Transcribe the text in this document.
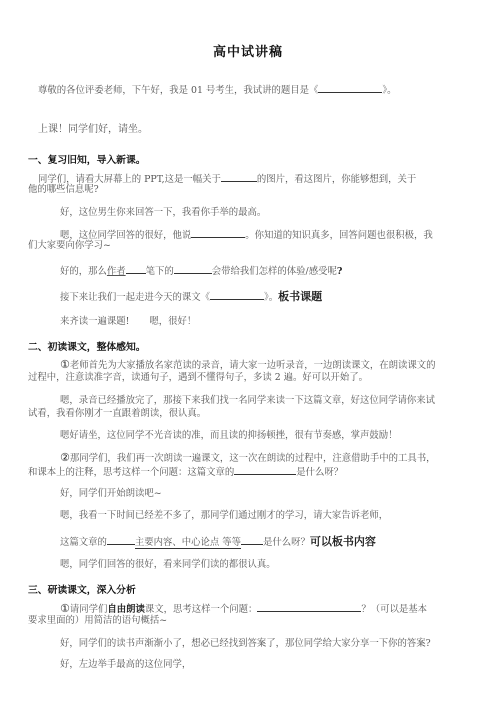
高中试讲稿
尊敬的各位评委老师，下午好，我是 01 号考生，我试讲的题目是《	》。
上课！同学们好，请坐。
一、复习旧知，导入新课。
同学们，请看大屏幕上的 PPT,这是一幅关于	的图片，看这图片，你能够想到，关于
他的哪些信息呢?
好，这位男生你来回答一下，我看你手举的最高。
嗯，这位同学回答的很好，他说	。你知道的知识真多，回答问题也很积极，我
们大家要向你学习~
好的，那么作者 笔下的	会带给我们怎样的体验/感受呢?
接下来让我们一起走进今天的课文《	》。板书课题
来齐读一遍课题! 嗯，很好！
二、初读课文，整体感知。
①老师首先为大家播放名家范读的录音，请大家一边听录音，一边朗读课文，在朗读课文的
过程中，注意读准字音，读通句子，遇到不懂得句子，多读 2 遍。好可以开始了。
嗯，录音已经播放完了，那接下来我们找一名同学来读一下这篇文章，好这位同学请你来试
试看，我看你刚才一直跟着朗读，很认真。
嗯好请坐，这位同学不光音读的准，而且读的抑扬顿挫，很有节奏感，掌声鼓励！
②那同学们，我们再一次朗读一遍课文，这一次在朗读的过程中，注意借助手中的工具书，
和课本上的注释，思考这样一个问题：这篇文章的	是什么呀？
好，同学们开始朗读吧~
嗯，我看一下时间已经差不多了，那同学们通过刚才的学习，请大家告诉老师，
这篇文章的	主要内容、中心论点 等等 是什么呀？可以板书内容
嗯，同学们回答的很好，看来同学们读的都很认真。
三、研读课文，深入分析
①请同学们自由朗读课文，思考这样一个问题：	？（可以是基本
要求里面的）用简洁的语句概括~
好，同学们的读书声渐渐小了，想必已经找到答案了，那位同学给大家分享一下你的答案?
好，左边举手最高的这位同学，
